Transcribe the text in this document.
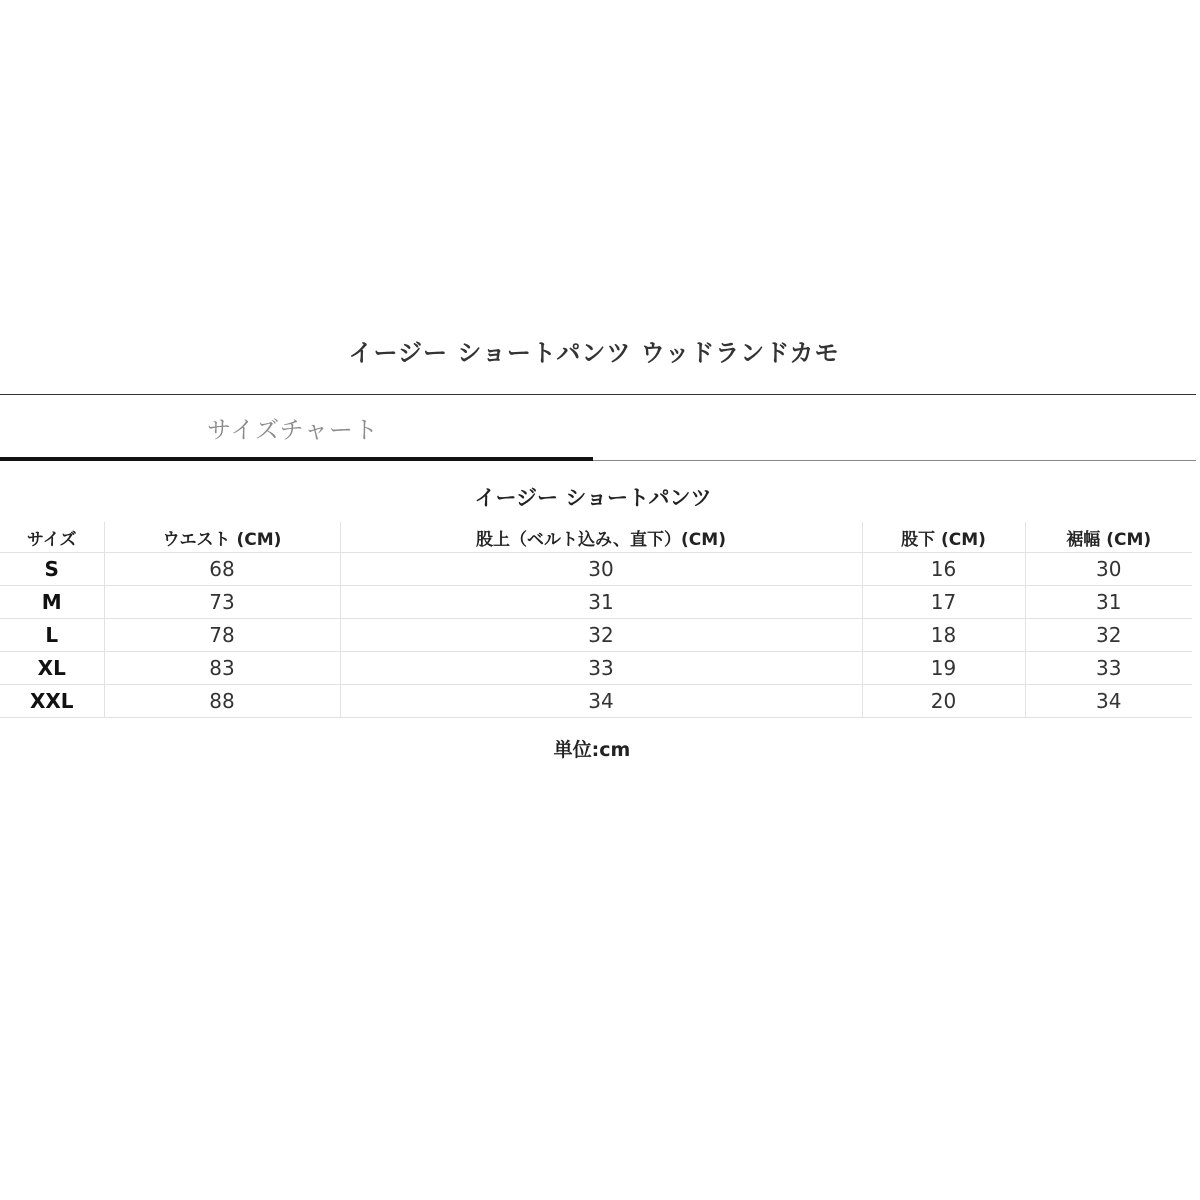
イージー ショートパンツ ウッドランドカモ
サイズチャート
イージー ショートパンツ
サイズ	ウエスト (CM)	股上（ベルト込み、直下）(CM)	股下 (CM)	裾幅 (CM)
S	68	30	16	30
M	73	31	17	31
L	78	32	18	32
XL	83	33	19	33
XXL	88	34	20	34
単位:cm
